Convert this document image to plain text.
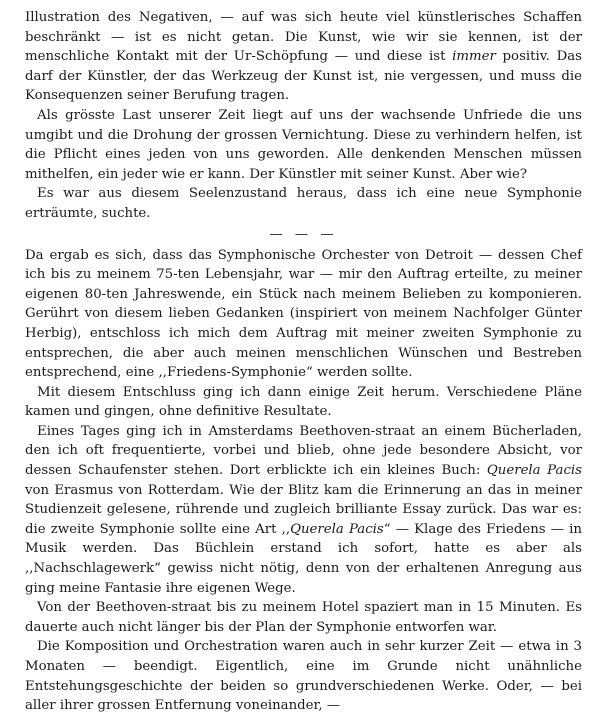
Illustration des Negativen, — auf was sich heute viel künstlerisches Schaffen beschränkt — ist es nicht getan. Die Kunst, wie wir sie kennen, ist der menschliche Kontakt mit der Ur-Schöpfung — und diese ist immer positiv. Das darf der Künstler, der das Werkzeug der Kunst ist, nie vergessen, und muss die Konsequenzen seiner Berufung tragen.

Als grösste Last unserer Zeit liegt auf uns der wachsende Unfriede die uns umgibt und die Drohung der grossen Vernichtung. Diese zu verhindern helfen, ist die Pflicht eines jeden von uns geworden. Alle denkenden Menschen müssen mithelfen, ein jeder wie er kann. Der Künstler mit seiner Kunst. Aber wie?

Es war aus diesem Seelenzustand heraus, dass ich eine neue Symphonie erträumte, suchte.

— — —

Da ergab es sich, dass das Symphonische Orchester von Detroit — dessen Chef ich bis zu meinem 75-ten Lebensjahr, war — mir den Auftrag erteilte, zu meiner eigenen 80-ten Jahreswende, ein Stück nach meinem Belieben zu komponieren. Gerührt von diesem lieben Gedanken (inspiriert von meinem Nachfolger Günter Herbig), entschloss ich mich dem Auftrag mit meiner zweiten Symphonie zu entsprechen, die aber auch meinen menschlichen Wünschen und Bestreben entsprechend, eine ,,Friedens-Symphonie“ werden sollte.

Mit diesem Entschluss ging ich dann einige Zeit herum. Verschiedene Pläne kamen und gingen, ohne definitive Resultate.

Eines Tages ging ich in Amsterdams Beethoven-straat an einem Bücherladen, den ich oft frequentierte, vorbei und blieb, ohne jede besondere Absicht, vor dessen Schaufenster stehen. Dort erblickte ich ein kleines Buch: Querela Pacis von Erasmus von Rotterdam. Wie der Blitz kam die Erinnerung an das in meiner Studienzeit gelesene, rührende und zugleich brilliante Essay zurück. Das war es: die zweite Symphonie sollte eine Art ,,Querela Pacis“ — Klage des Friedens — in Musik werden. Das Büchlein erstand ich sofort, hatte es aber als ,,Nachschlagewerk“ gewiss nicht nötig, denn von der erhaltenen Anregung aus ging meine Fantasie ihre eigenen Wege.

Von der Beethoven-straat bis zu meinem Hotel spaziert man in 15 Minuten. Es dauerte auch nicht länger bis der Plan der Symphonie entworfen war.

Die Komposition und Orchestration waren auch in sehr kurzer Zeit — etwa in 3 Monaten — beendigt. Eigentlich, eine im Grunde nicht unähnliche Entstehungsgeschichte der beiden so grundverschiedenen Werke. Oder, — bei aller ihrer grossen Entfernung voneinander, —
